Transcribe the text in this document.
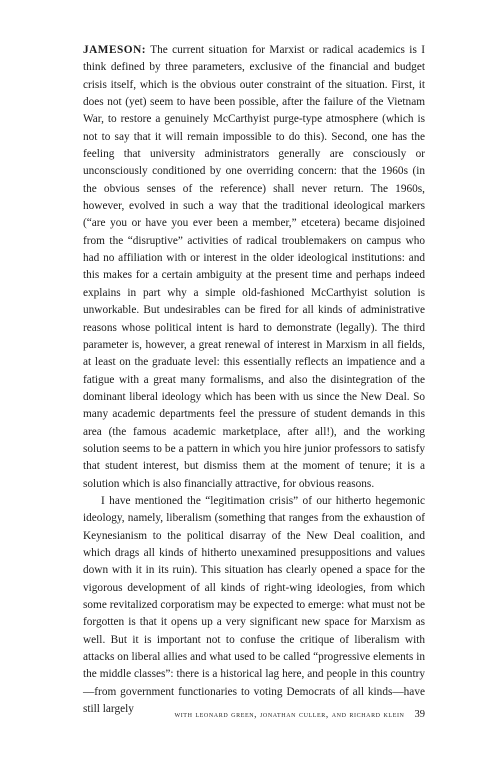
JAMESON: The current situation for Marxist or radical academics is I think defined by three parameters, exclusive of the financial and budget crisis itself, which is the obvious outer constraint of the situation. First, it does not (yet) seem to have been possible, after the failure of the Vietnam War, to restore a genuinely McCarthyist purge-type atmosphere (which is not to say that it will remain impossible to do this). Second, one has the feeling that university administrators generally are consciously or unconsciously conditioned by one overriding concern: that the 1960s (in the obvious senses of the reference) shall never return. The 1960s, however, evolved in such a way that the traditional ideological markers (“are you or have you ever been a member,” etcetera) became disjoined from the “disruptive” activities of radical troublemakers on campus who had no affiliation with or interest in the older ideological institutions: and this makes for a certain ambiguity at the present time and perhaps indeed explains in part why a simple old-fashioned McCarthyist solution is unworkable. But undesirables can be fired for all kinds of administrative reasons whose political intent is hard to demonstrate (legally). The third parameter is, however, a great renewal of interest in Marxism in all fields, at least on the graduate level: this essentially reflects an impatience and a fatigue with a great many formalisms, and also the disintegration of the dominant liberal ideology which has been with us since the New Deal. So many academic departments feel the pressure of student demands in this area (the famous academic marketplace, after all!), and the working solution seems to be a pattern in which you hire junior professors to satisfy that student interest, but dismiss them at the moment of tenure; it is a solution which is also financially attractive, for obvious reasons.

I have mentioned the “legitimation crisis” of our hitherto hegemonic ideology, namely, liberalism (something that ranges from the exhaustion of Keynesianism to the political disarray of the New Deal coalition, and which drags all kinds of hitherto unexamined presuppositions and values down with it in its ruin). This situation has clearly opened a space for the vigorous development of all kinds of right-wing ideologies, from which some revitalized corporatism may be expected to emerge: what must not be forgotten is that it opens up a very significant new space for Marxism as well. But it is important not to confuse the critique of liberalism with attacks on liberal allies and what used to be called “progressive elements in the middle classes”: there is a historical lag here, and people in this country—from government functionaries to voting Democrats of all kinds—have still largely	with leonard green, jonathan culler, and richard klein 39
